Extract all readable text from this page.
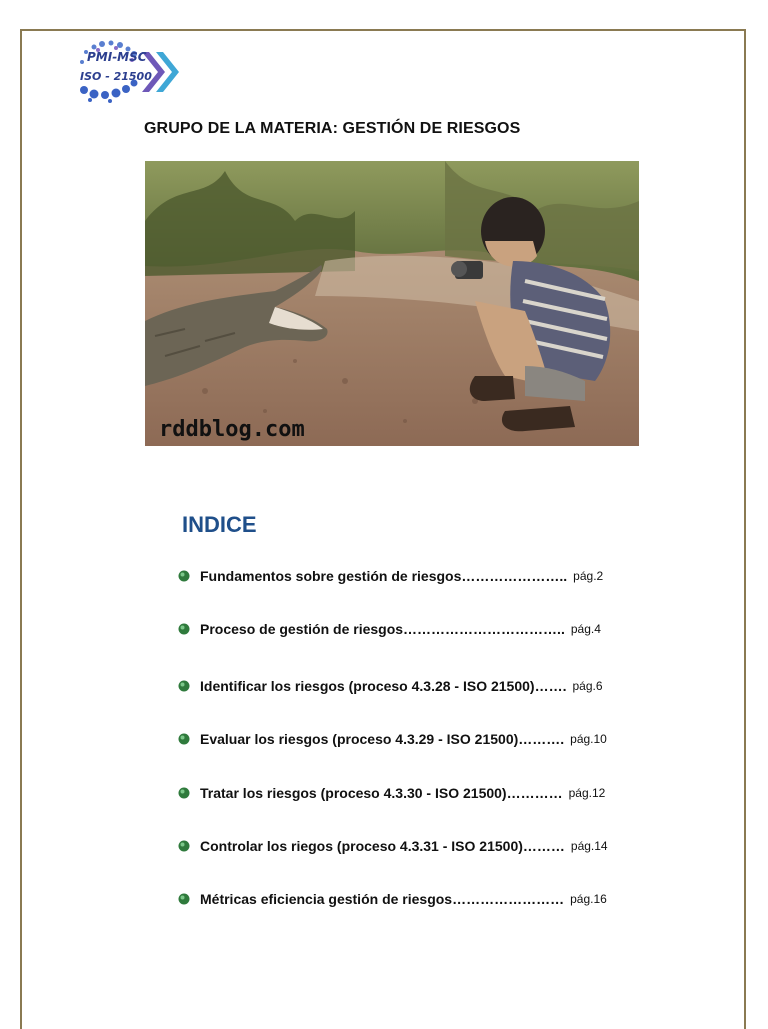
PMI-MSC
ISO - 21500
GRUPO DE LA MATERIA: GESTIÓN DE RIESGOS
rddblog.com
INDICE
Fundamentos sobre gestión de riesgos………………….. pág.2
Proceso de gestión de riesgos…………………………….. pág.4
Identificar los riesgos (proceso 4.3.28 - ISO 21500)……. pág.6
Evaluar los riesgos (proceso 4.3.29 - ISO 21500)………. pág.10
Tratar los riesgos (proceso 4.3.30 - ISO 21500)………… pág.12
Controlar los riegos (proceso 4.3.31 - ISO 21500)……… pág.14
Métricas eficiencia gestión de riesgos…………………… pág.16
